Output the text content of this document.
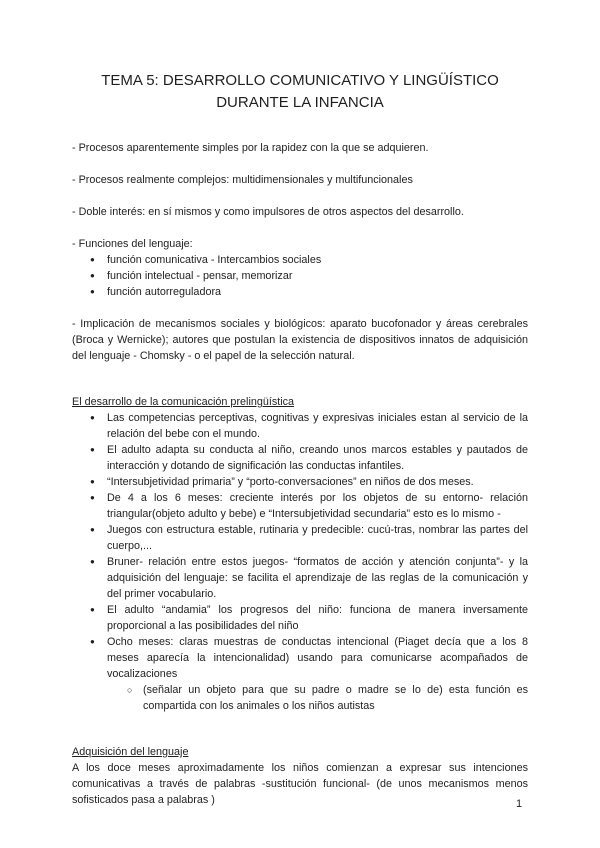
TEMA 5: DESARROLLO COMUNICATIVO Y LINGÜÍSTICO
DURANTE LA INFANCIA

- Procesos aparentemente simples por la rapidez con la que se adquieren.

- Procesos realmente complejos: multidimensionales y multifuncionales

- Doble interés: en sí mismos y como impulsores de otros aspectos del desarrollo.

- Funciones del lenguaje:

● función comunicativa - Intercambios sociales
● función intelectual - pensar, memorizar
● función autorreguladora

- Implicación de mecanismos sociales y biológicos: aparato bucofonador y áreas cerebrales (Broca y Wernicke); autores que postulan la existencia de dispositivos innatos de adquisición del lenguaje - Chomsky - o el papel de la selección natural.

El desarrollo de la comunicación prelingüística

● Las competencias perceptivas, cognitivas y expresivas iniciales estan al servicio de la relación del bebe con el mundo.
● El adulto adapta su conducta al niño, creando unos marcos estables y pautados de interacción y dotando de significación las conductas infantiles.
● “Intersubjetividad primaria” y “porto-conversaciones” en niños de dos meses.
● De 4 a los 6 meses: creciente interés por los objetos de su entorno- relación triangular(objeto adulto y bebe) e “Intersubjetividad secundaria” esto es lo mismo -
● Juegos con estructura estable, rutinaria y predecible: cucú-tras, nombrar las partes del cuerpo,...
● Bruner- relación entre estos juegos- “formatos de acción y atención conjunta”- y la adquisición del lenguaje: se facilita el aprendizaje de las reglas de la comunicación y del primer vocabulario.
● El adulto “andamia” los progresos del niño: funciona de manera inversamente proporcional a las posibilidades del niño
● Ocho meses: claras muestras de conductas intencional (Piaget decía que a los 8 meses aparecía la intencionalidad) usando para comunicarse acompañados de vocalizaciones
○ (señalar un objeto para que su padre o madre se lo de) esta función es compartida con los animales o los niños autistas

Adquisición del lenguaje

A los doce meses aproximadamente los niños comienzan a expresar sus intenciones comunicativas a través de palabras -sustitución funcional- (de unos mecanismos menos sofisticados pasa a palabras )	1
